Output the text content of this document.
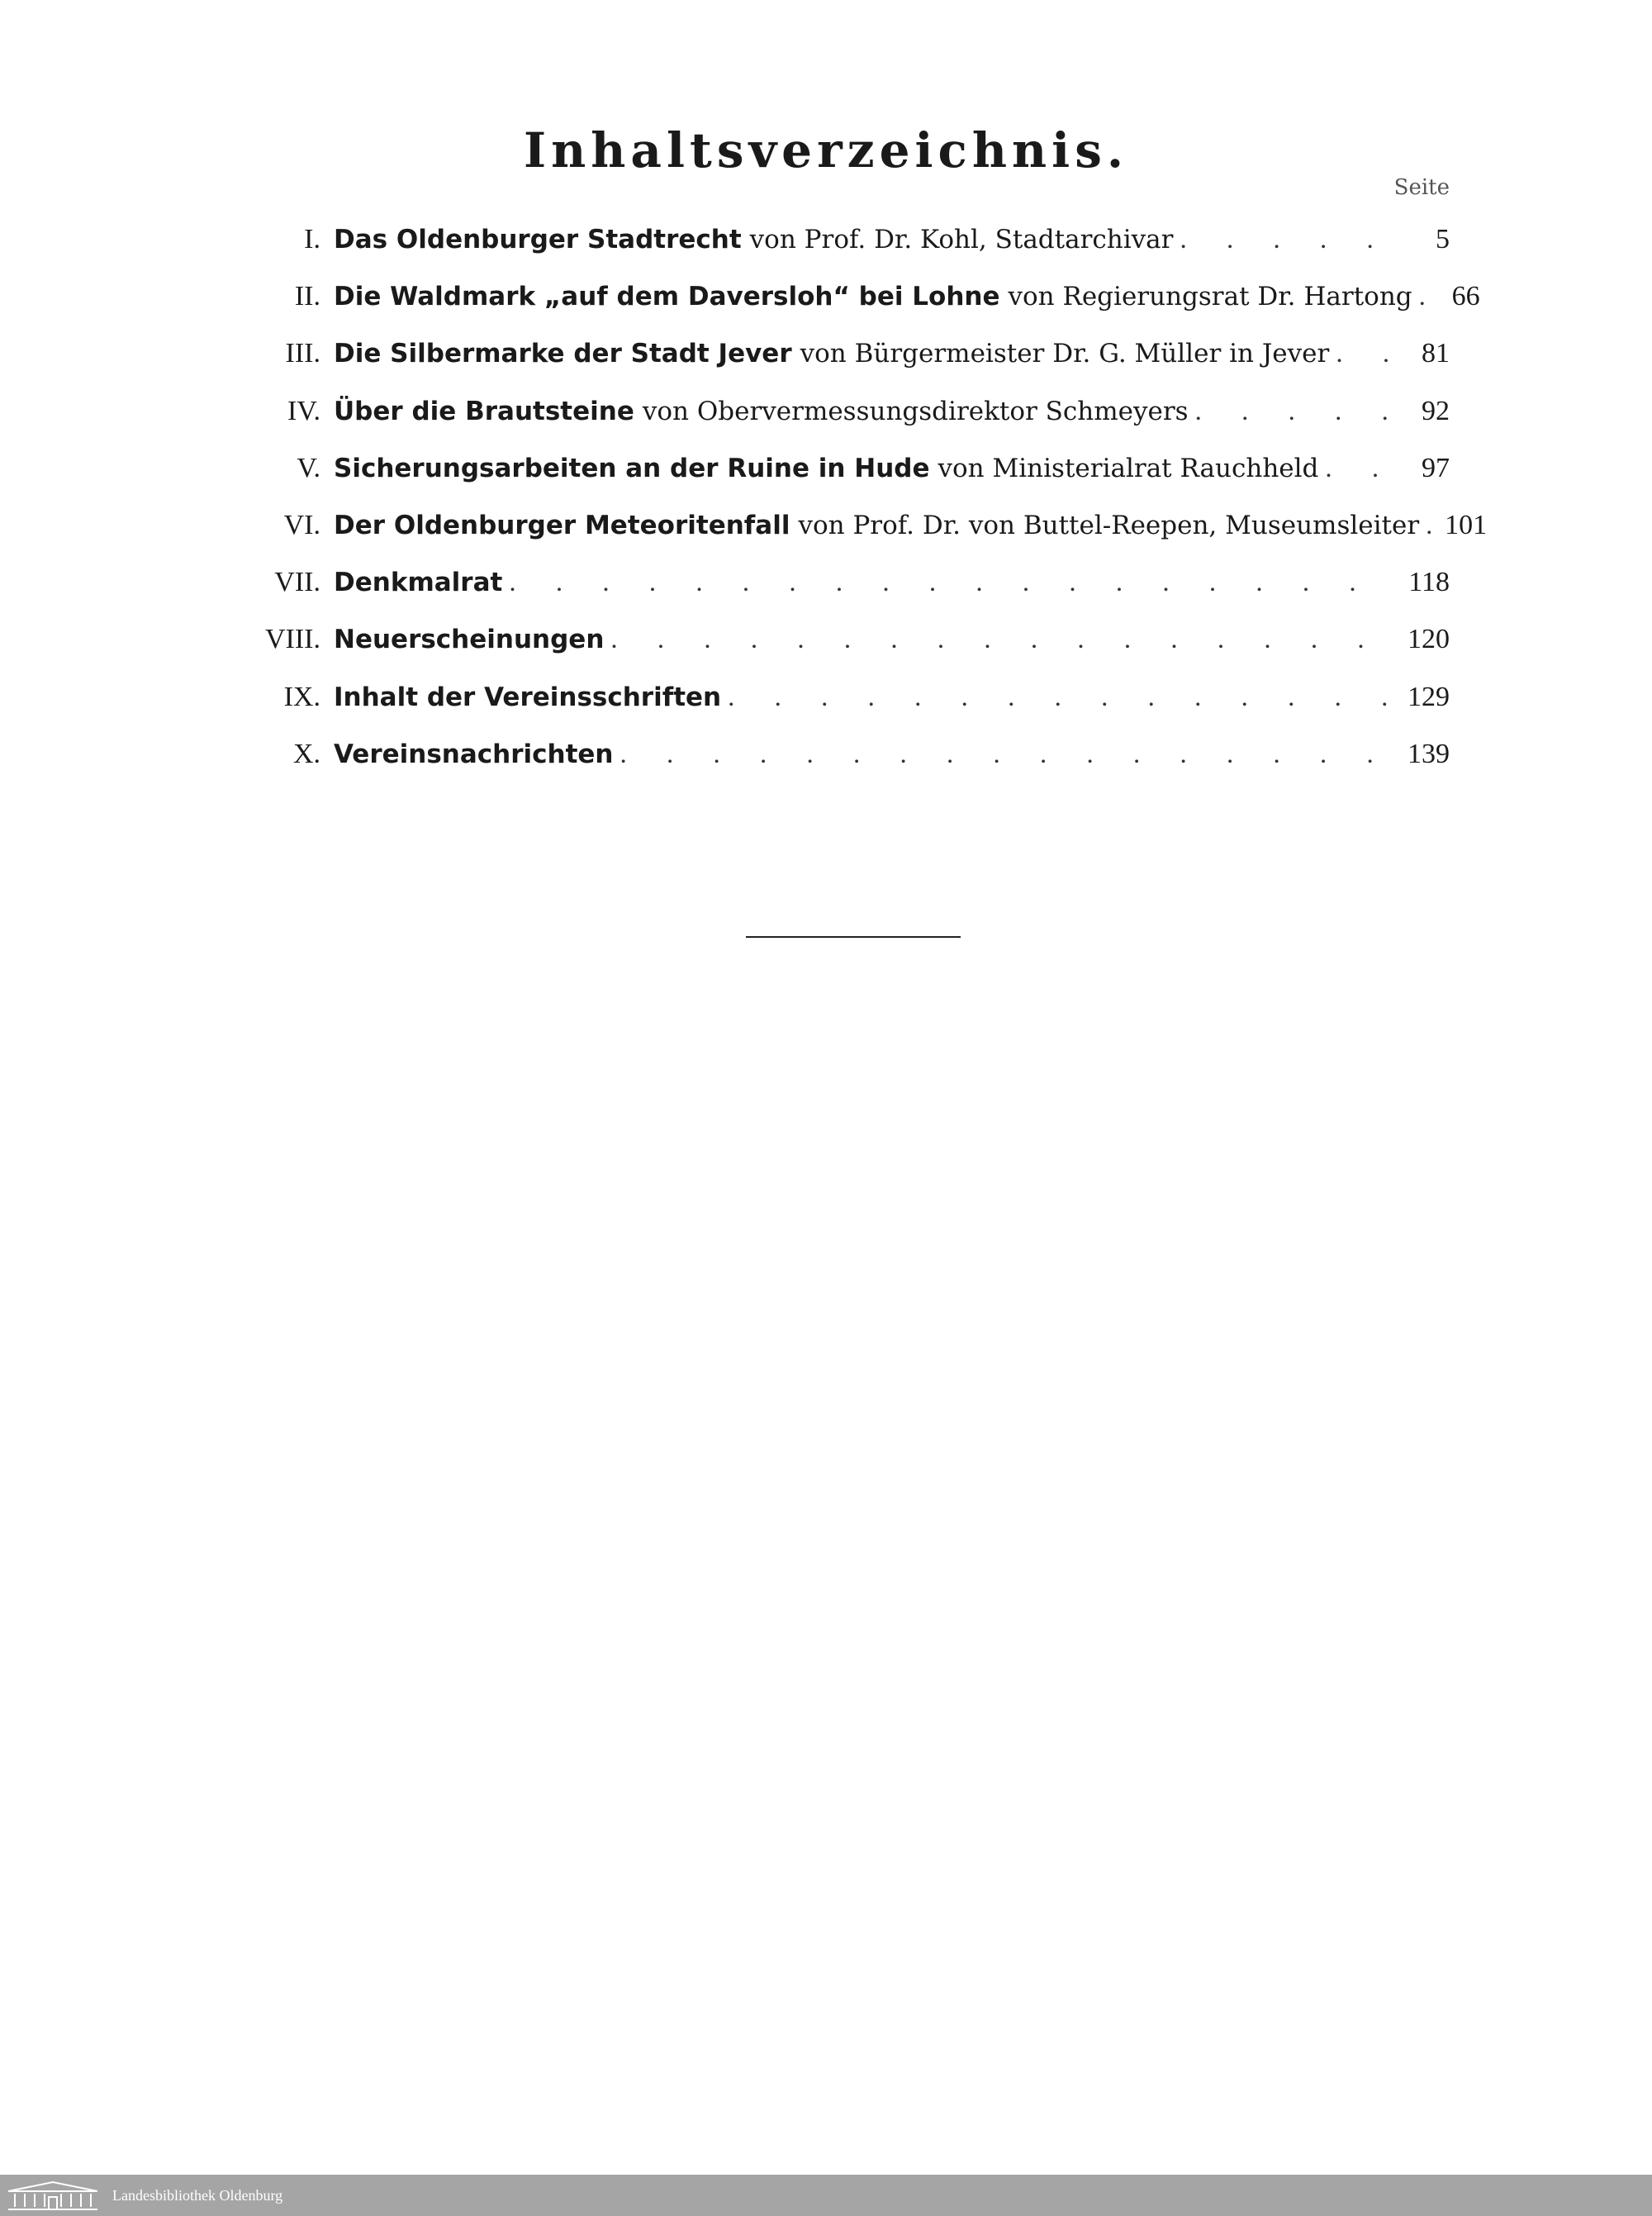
Inhaltsverzeichnis.
Seite
I. Das Oldenburger Stadtrecht von Prof. Dr. Kohl, Stadtarchivar . . .	5
II. Die Waldmark „auf dem Daversloh“ bei Lohne von Regierungsrat Dr. Hartong . . .	66
III. Die Silbermarke der Stadt Jever von Bürgermeister Dr. G. Müller in Jever . . .	81
IV. Über die Brautsteine von Obervermessungsdirektor Schmeyers . . .	92
V. Sicherungsarbeiten an der Ruine in Hude von Ministerialrat Rauchheld . . .	97
VI. Der Oldenburger Meteoritenfall von Prof. Dr. von Buttel-Reepen, Museumsleiter . . . 101
VII. Denkmalrat . . .	118
VIII. Neuerscheinungen . . .	120
IX. Inhalt der Vereinsschriften . . .	129
X. Vereinsnachrichten . . .	139
Landesbibliothek Oldenburg
